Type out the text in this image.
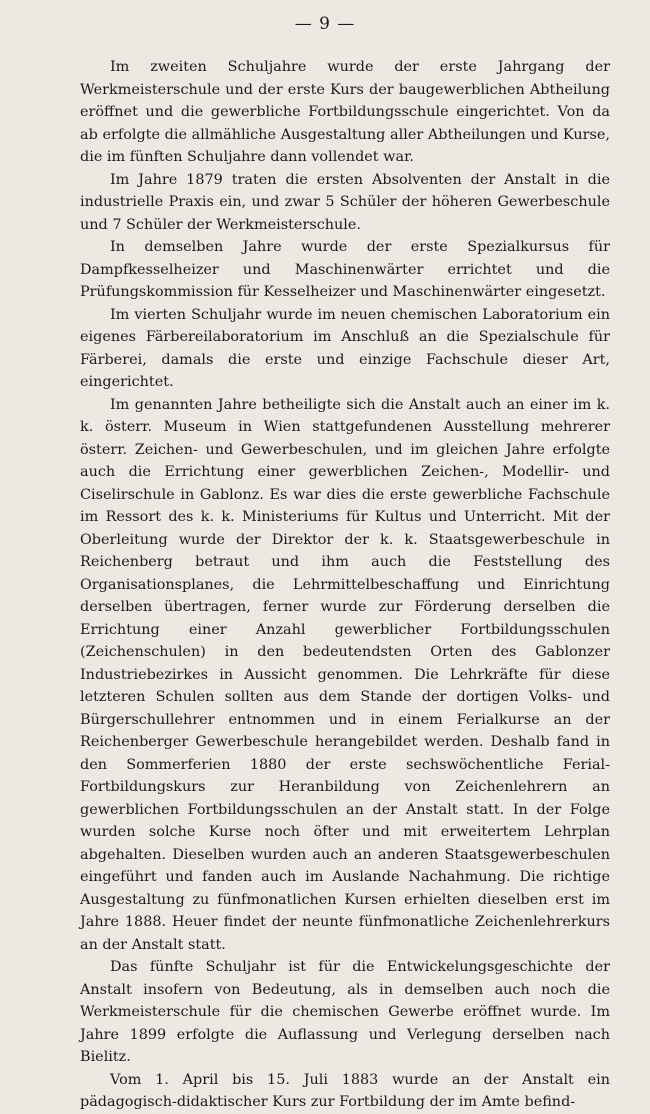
— 9 —

Im zweiten Schuljahre wurde der erste Jahrgang der Werkmeisterschule und der erste Kurs der baugewerblichen Abtheilung eröffnet und die gewerbliche Fortbildungsschule eingerichtet. Von da ab erfolgte die allmähliche Ausgestaltung aller Abtheilungen und Kurse, die im fünften Schuljahre dann vollendet war.

Im Jahre 1879 traten die ersten Absolventen der Anstalt in die industrielle Praxis ein, und zwar 5 Schüler der höheren Gewerbeschule und 7 Schüler der Werkmeisterschule.

In demselben Jahre wurde der erste Spezialkursus für Dampfkesselheizer und Maschinenwärter errichtet und die Prüfungskommission für Kesselheizer und Maschinenwärter eingesetzt.

Im vierten Schuljahr wurde im neuen chemischen Laboratorium ein eigenes Färbereilaboratorium im Anschluß an die Spezialschule für Färberei, damals die erste und einzige Fachschule dieser Art, eingerichtet.

Im genannten Jahre betheiligte sich die Anstalt auch an einer im k. k. österr. Museum in Wien stattgefundenen Ausstellung mehrerer österr. Zeichen- und Gewerbeschulen, und im gleichen Jahre erfolgte auch die Errichtung einer gewerblichen Zeichen-, Modellir- und Ciselirschule in Gablonz. Es war dies die erste gewerbliche Fachschule im Ressort des k. k. Ministeriums für Kultus und Unterricht. Mit der Oberleitung wurde der Direktor der k. k. Staatsgewerbeschule in Reichenberg betraut und ihm auch die Feststellung des Organisationsplanes, die Lehrmittelbeschaffung und Einrichtung derselben übertragen, ferner wurde zur Förderung derselben die Errichtung einer Anzahl gewerblicher Fortbildungsschulen (Zeichenschulen) in den bedeutendsten Orten des Gablonzer Industriebezirkes in Aussicht genommen. Die Lehrkräfte für diese letzteren Schulen sollten aus dem Stande der dortigen Volks- und Bürgerschullehrer entnommen und in einem Ferialkurse an der Reichenberger Gewerbeschule herangebildet werden. Deshalb fand in den Sommerferien 1880 der erste sechswöchentliche Ferial-Fortbildungskurs zur Heranbildung von Zeichenlehrern an gewerblichen Fortbildungsschulen an der Anstalt statt. In der Folge wurden solche Kurse noch öfter und mit erweitertem Lehrplan abgehalten. Dieselben wurden auch an anderen Staatsgewerbeschulen eingeführt und fanden auch im Auslande Nachahmung. Die richtige Ausgestaltung zu fünfmonatlichen Kursen erhielten dieselben erst im Jahre 1888. Heuer findet der neunte fünfmonatliche Zeichenlehrerkurs an der Anstalt statt.

Das fünfte Schuljahr ist für die Entwickelungsgeschichte der Anstalt insofern von Bedeutung, als in demselben auch noch die Werkmeisterschule für die chemischen Gewerbe eröffnet wurde. Im Jahre 1899 erfolgte die Auflassung und Verlegung derselben nach Bielitz.

Vom 1. April bis 15. Juli 1883 wurde an der Anstalt ein pädagogisch-didaktischer Kurs zur Fortbildung der im Amte befind-
